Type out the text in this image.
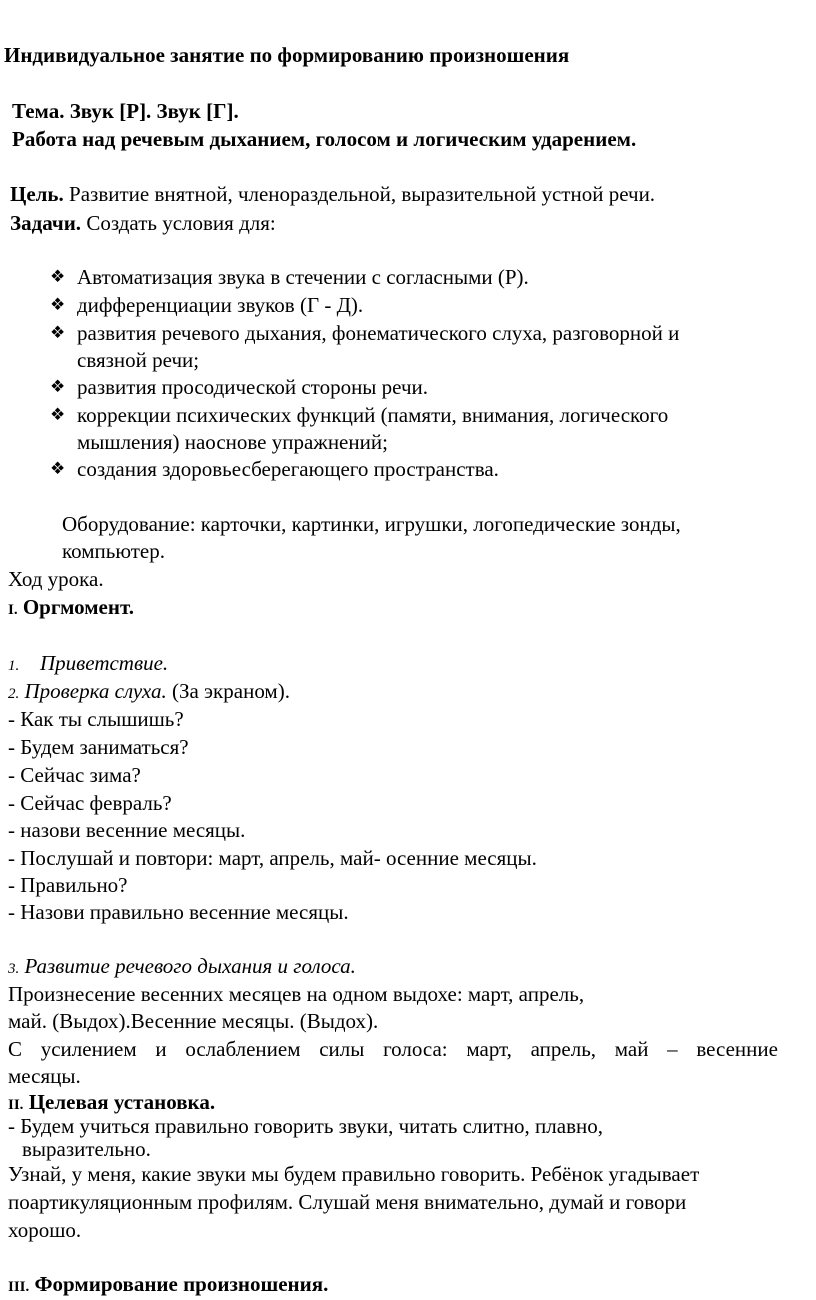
Индивидуальное занятие по формированию произношения
Тема. Звук [Р]. Звук [Г].
Работа над речевым дыханием, голосом и логическим ударением.
Цель. Развитие внятной, членораздельной, выразительной устной речи.
Задачи. Создать условия для:
❖ Автоматизация звука в стечении с согласными (Р).
❖ дифференциации звуков (Г - Д).
❖ развития речевого дыхания, фонематического слуха, разговорной и
связной речи;
❖ развития просодической стороны речи.
❖ коррекции психических функций (памяти, внимания, логического
мышления) наоснове упражнений;
❖ создания здоровьесберегающего пространства.
Оборудование: карточки, картинки, игрушки, логопедические зонды,
компьютер.
Ход урока.
I. Оргмомент.
1. Приветствие.
2. Проверка слуха. (За экраном).
- Как ты слышишь?
- Будем заниматься?
- Сейчас зима?
- Сейчас февраль?
- назови весенние месяцы.
- Послушай и повтори: март, апрель, май- осенние месяцы.
- Правильно?
- Назови правильно весенние месяцы.
3. Развитие речевого дыхания и голоса.
Произнесение весенних месяцев на одном выдохе: март, апрель,
май. (Выдох).Весенние месяцы. (Выдох).
С усилением и ослаблением силы голоса: март, апрель, май – весенние
месяцы.
II. Целевая установка.
- Будем учиться правильно говорить звуки, читать слитно, плавно,
выразительно.
Узнай, у меня, какие звуки мы будем правильно говорить. Ребёнок угадывает
поартикуляционным профилям. Слушай меня внимательно, думай и говори
хорошо.
III. Формирование произношения.
